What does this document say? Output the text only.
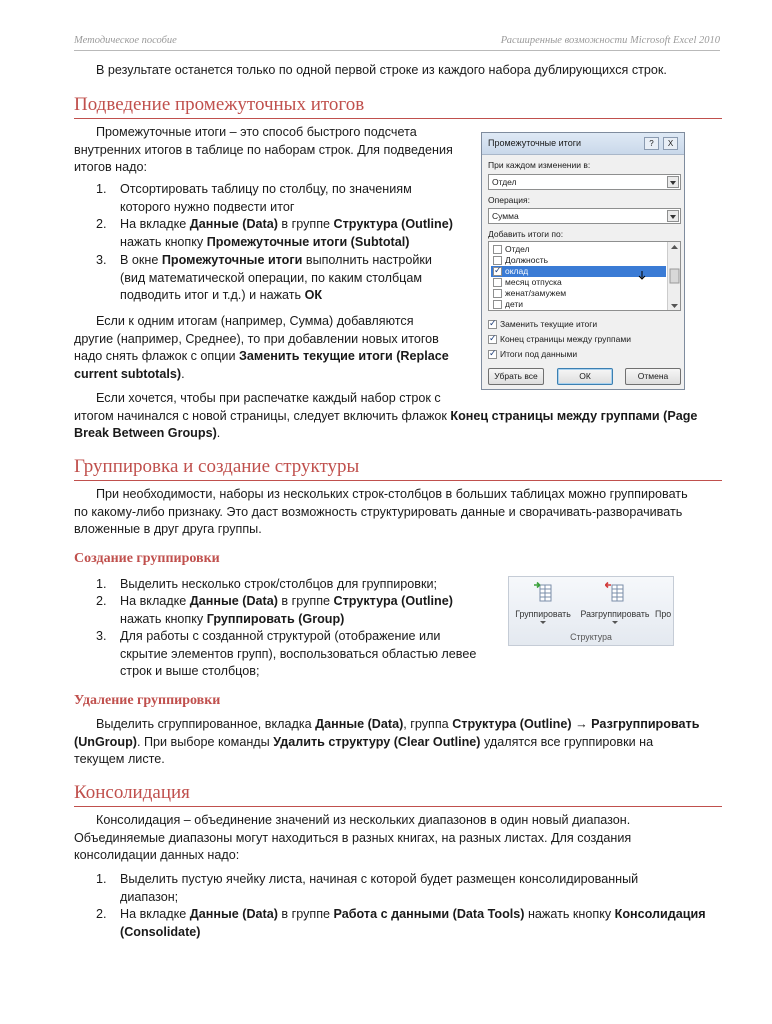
Методическое пособие	Расширенные возможности Microsoft Excel 2010
В результате останется только по одной первой строке из каждого набора дублирующихся строк.
Подведение промежуточных итогов
Промежуточные итоги – это способ быстрого подсчета
внутренних итогов в таблице по наборам строк. Для подведения
итогов надо:
1. Отсортировать таблицу по столбцу, по значениям
которого нужно подвести итог
2. На вкладке Данные (Data) в группе Структура (Outline)
нажать кнопку Промежуточные итоги (Subtotal)
3. В окне Промежуточные итоги выполнить настройки
(вид математической операции, по каким столбцам
подводить итог и т.д.) и нажать ОК
Если к одним итогам (например, Сумма) добавляются
другие (например, Среднее), то при добавлении новых итогов
надо снять флажок с опции Заменить текущие итоги (Replace
current subtotals).
Если хочется, чтобы при распечатке каждый набор строк с
итогом начинался с новой страницы, следует включить флажок Конец страницы между группами (Page
Break Between Groups).
Промежуточные итоги	?	X
При каждом изменении в:
Отдел
Операция:
Сумма
Добавить итоги по:
Отдел
Должность
✓
оклад
месяц отпуска
женат/замужем
дети
✓
Заменить текущие итоги
✓
Конец страницы между группами
✓
Итоги под данными
Убрать все	ОК	Отмена
Группировка и создание структуры
При необходимости, наборы из нескольких строк-столбцов в больших таблицах можно группировать
по какому-либо признаку. Это даст возможность структурировать данные и сворачивать-разворачивать
вложенные в друг друга группы.
Создание группировки
1. Выделить несколько строк/столбцов для группировки;
2. На вкладке Данные (Data) в группе Структура (Outline)
нажать кнопку Группировать (Group)
3. Для работы с созданной структурой (отображение или
скрытие элементов групп), воспользоваться областью левее
строк и выше столбцов;
Удаление группировки
Выделить сгруппированное, вкладка Данные (Data), группа Структура (Outline) → Разгруппировать
(UnGroup). При выборе команды Удалить структуру (Clear Outline) удалятся все группировки на
текущем листе.
Группировать	Разгруппировать Про
Структура
Консолидация
Консолидация – объединение значений из нескольких диапазонов в один новый диапазон.
Объединяемые диапазоны могут находиться в разных книгах, на разных листах. Для создания
консолидации данных надо:
1. Выделить пустую ячейку листа, начиная с которой будет размещен консолидированный
диапазон;
2. На вкладке Данные (Data) в группе Работа с данными (Data Tools) нажать кнопку Консолидация
(Consolidate)
